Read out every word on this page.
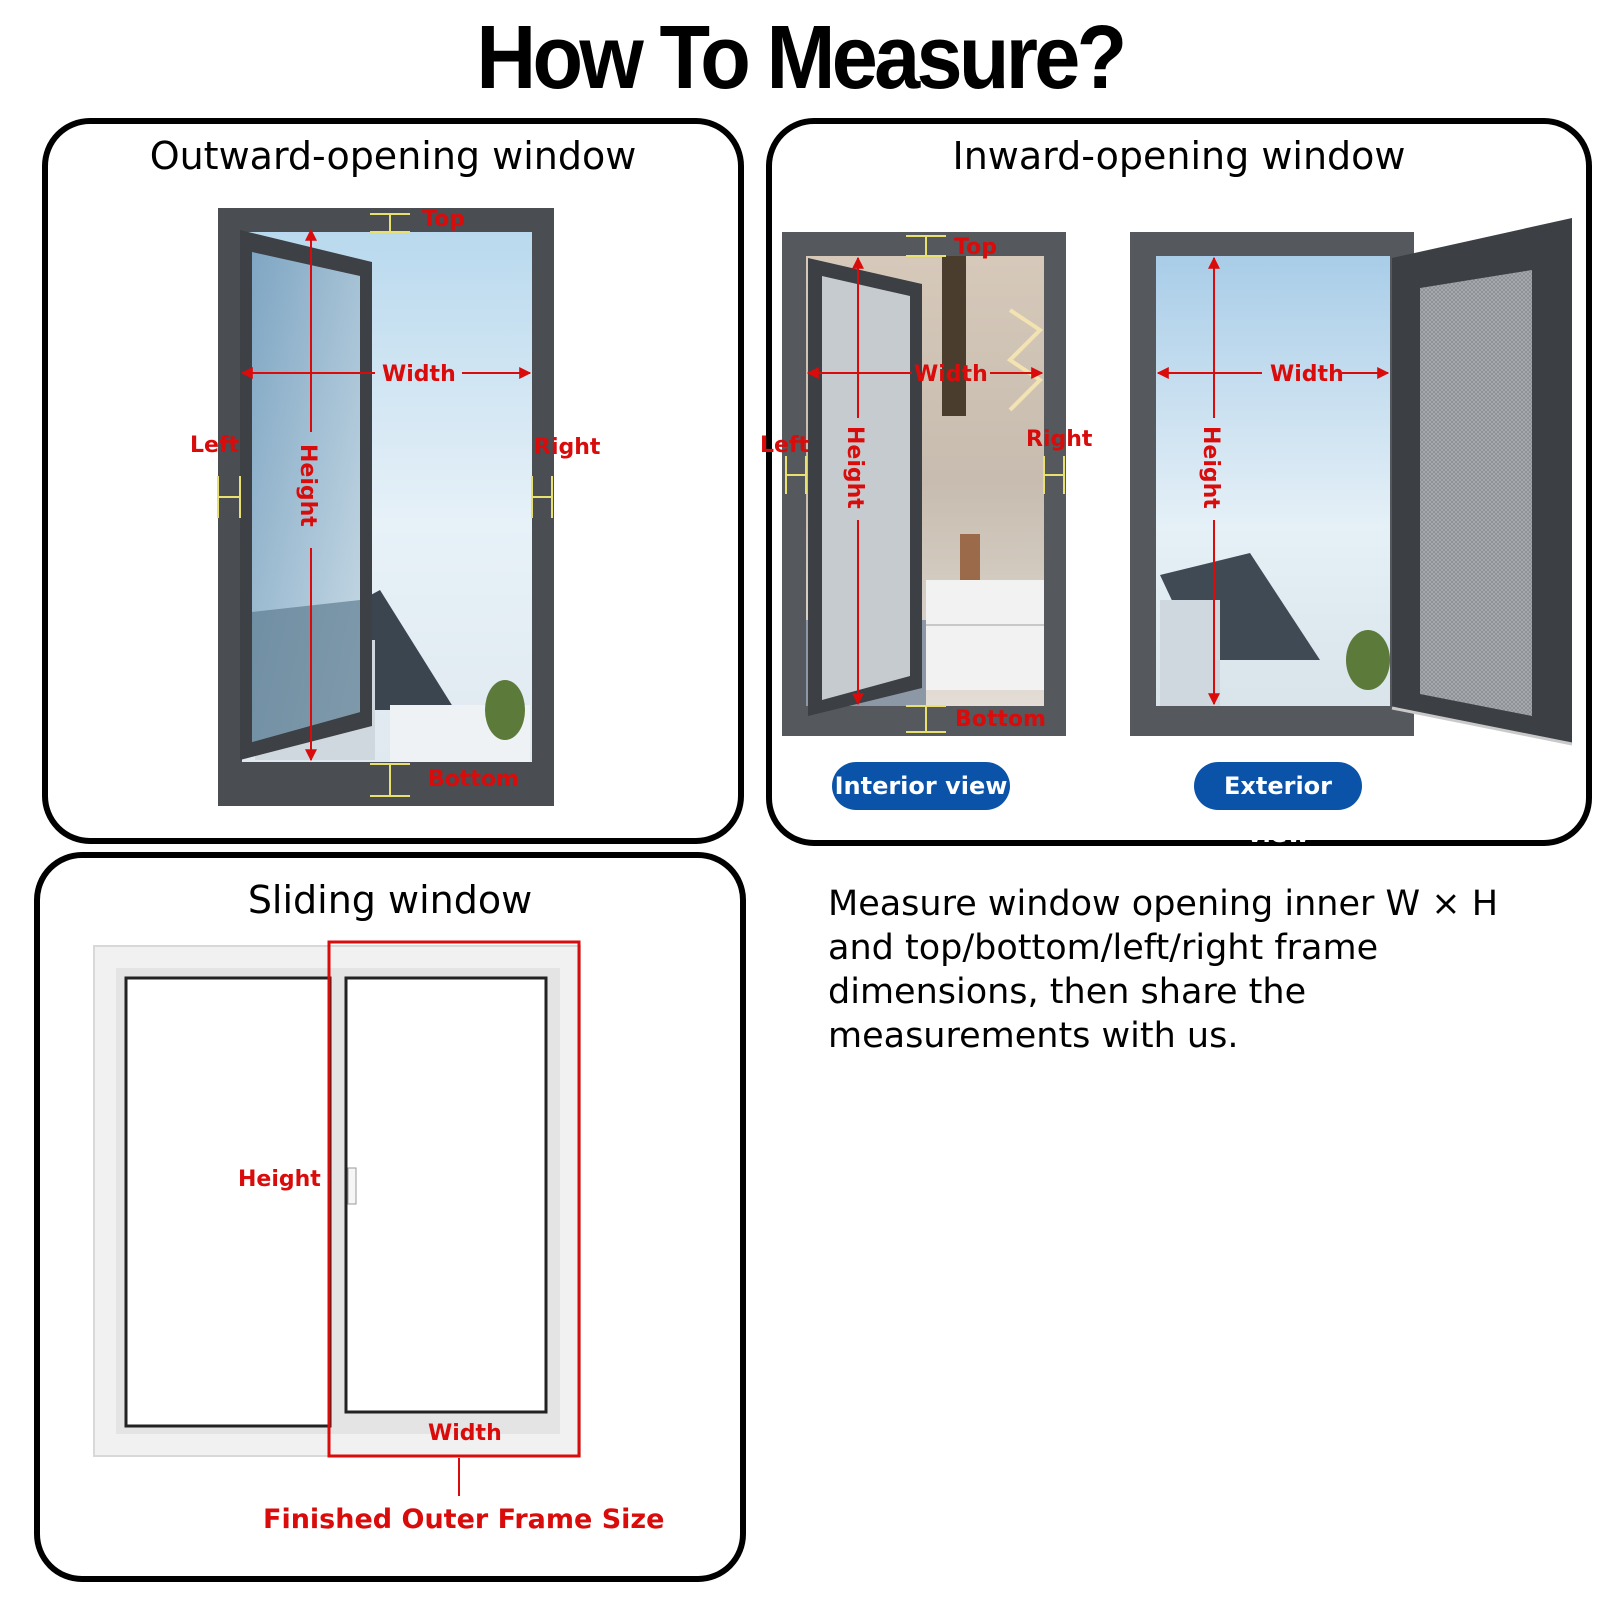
How To Measure?
Outward-opening window
Top
Width
Left	Right
Height
Bottom
Inward-opening window
Top
Width
Left	Right
Height
Bottom
Width
Height
Interior view	Exterior view
Sliding window
Height
Width
Finished Outer Frame Size
Measure window opening inner W × H and top/bottom/left/right frame dimensions, then share the measurements with us.
